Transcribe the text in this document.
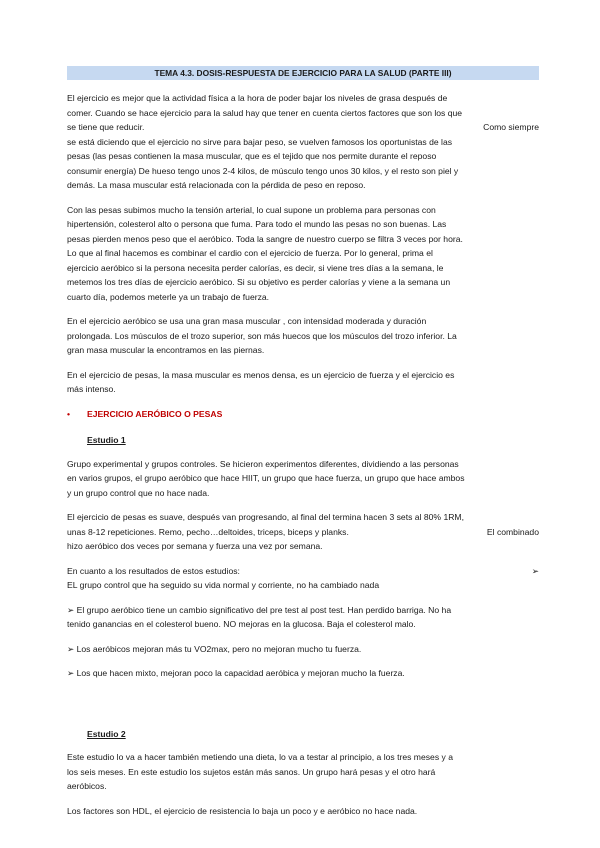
TEMA 4.3. DOSIS-RESPUESTA DE EJERCICIO PARA LA SALUD (PARTE III)

El ejercicio es mejor que la actividad física a la hora de poder bajar los niveles de grasa después de
comer. Cuando se hace ejercicio para la salud hay que tener en cuenta ciertos factores que son los que
se tiene que reducir.	Como siempre
se está diciendo que el ejercicio no sirve para bajar peso, se vuelven famosos los oportunistas de las
pesas (las pesas contienen la masa muscular, que es el tejido que nos permite durante el reposo
consumir energía) De hueso tengo unos 2-4 kilos, de músculo tengo unos 30 kilos, y el resto son piel y
demás. La masa muscular está relacionada con la pérdida de peso en reposo.

Con las pesas subimos mucho la tensión arterial, lo cual supone un problema para personas con
hipertensión, colesterol alto o persona que fuma. Para todo el mundo las pesas no son buenas. Las
pesas pierden menos peso que el aeróbico. Toda la sangre de nuestro cuerpo se filtra 3 veces por hora.
Lo que al final hacemos es combinar el cardio con el ejercicio de fuerza. Por lo general, prima el
ejercicio aeróbico si la persona necesita perder calorías, es decir, si viene tres días a la semana, le
metemos los tres días de ejercicio aeróbico. Si su objetivo es perder calorías y viene a la semana un
cuarto día, podemos meterle ya un trabajo de fuerza.

En el ejercicio aeróbico se usa una gran masa muscular , con intensidad moderada y duración
prolongada. Los músculos de el trozo superior, son más huecos que los músculos del trozo inferior. La
gran masa muscular la encontramos en las piernas.

En el ejercicio de pesas, la masa muscular es menos densa, es un ejercicio de fuerza y el ejercicio es
más intenso.

• EJERCICIO AERÓBICO O PESAS
Estudio 1

Grupo experimental y grupos controles. Se hicieron experimentos diferentes, dividiendo a las personas
en varios grupos, el grupo aeróbico que hace HIIT, un grupo que hace fuerza, un grupo que hace ambos
y un grupo control que no hace nada.

El ejercicio de pesas es suave, después van progresando, al final del termina hacen 3 sets al 80% 1RM,
unas 8-12 repeticiones. Remo, pecho…deltoides, triceps, biceps y planks.	El combinado
hizo aeróbico dos veces por semana y fuerza una vez por semana.

En cuanto a los resultados de estos estudios:	➢
EL grupo control que ha seguido su vida normal y corriente, no ha cambiado nada

➢ El grupo aeróbico tiene un cambio significativo del pre test al post test. Han perdido barriga. No ha
tenido ganancias en el colesterol bueno. NO mejoras en la glucosa. Baja el colesterol malo.

➢ Los aeróbicos mejoran más tu VO2max, pero no mejoran mucho tu fuerza.

➢ Los que hacen mixto, mejoran poco la capacidad aeróbica y mejoran mucho la fuerza.

Estudio 2

Este estudio lo va a hacer también metiendo una dieta, lo va a testar al principio, a los tres meses y a
los seis meses. En este estudio los sujetos están más sanos. Un grupo hará pesas y el otro hará
aeróbicos.

Los factores son HDL, el ejercicio de resistencia lo baja un poco y e aeróbico no hace nada.
